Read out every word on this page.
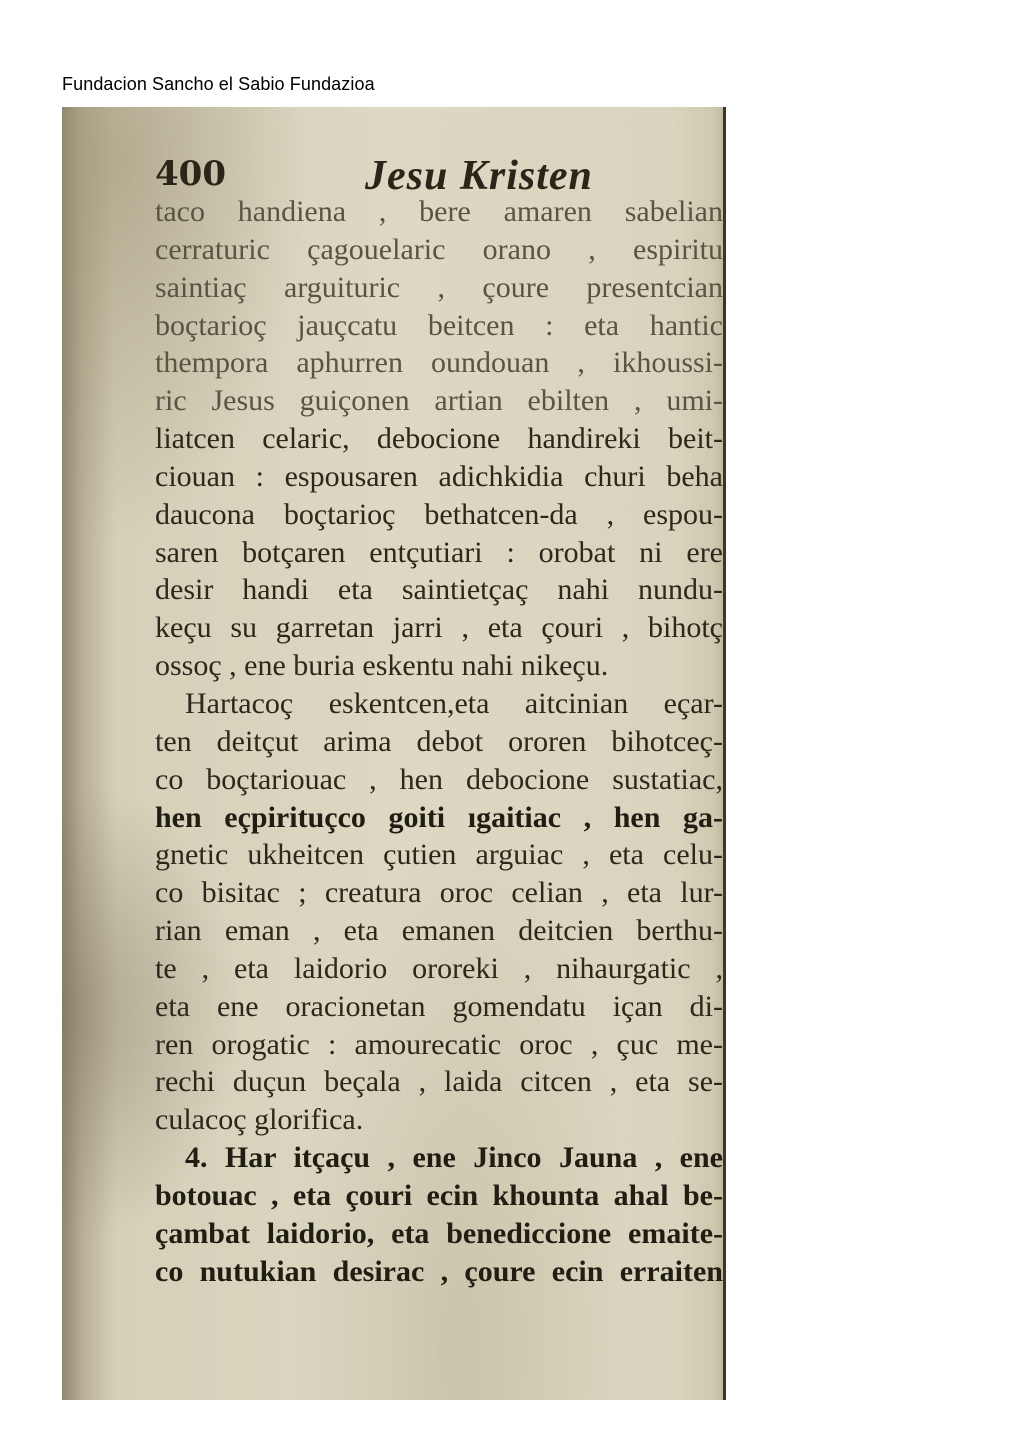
Fundacion Sancho el Sabio Fundazioa
400	Jesu Kristen
taco handiena , bere amaren sabelian
cerraturic çagouelaric orano , espiritu
saintiaç arguituric , çoure presentcian
boçtarioç jauçcatu beitcen : eta hantic
thempora aphurren oundouan , ikhoussi-
ric Jesus guiçonen artian ebilten , umi-
liatcen celaric, debocione handireki beit-
ciouan : espousaren adichkidia churi beha
daucona boçtarioç bethatcen-da , espou-
saren botçaren entçutiari : orobat ni ere
desir handi eta saintietçaç nahi nundu-
keçu su garretan jarri , eta çouri , bihotç
ossoç , ene buria eskentu nahi nikeçu.
Hartacoç eskentcen,eta aitcinian eçar-
ten deitçut arima debot ororen bihotceç-
co boçtariouac , hen debocione sustatiac,
hen eçpirituçco goiti ıgaitiac , hen ga-
gnetic ukheitcen çutien arguiac , eta celu-
co bisitac ; creatura oroc celian , eta lur-
rian eman , eta emanen deitcien berthu-
te , eta laidorio ororeki , nihaurgatic ,
eta ene oracionetan gomendatu içan di-
ren orogatic : amourecatic oroc , çuc me-
rechi duçun beçala , laida citcen , eta se-
culacoç glorifica.
4. Har itçaçu , ene Jinco Jauna , ene
botouac , eta çouri ecin khounta ahal be-
çambat laidorio, eta benediccione emaite-
co nutukian desirac , çoure ecin erraiten
